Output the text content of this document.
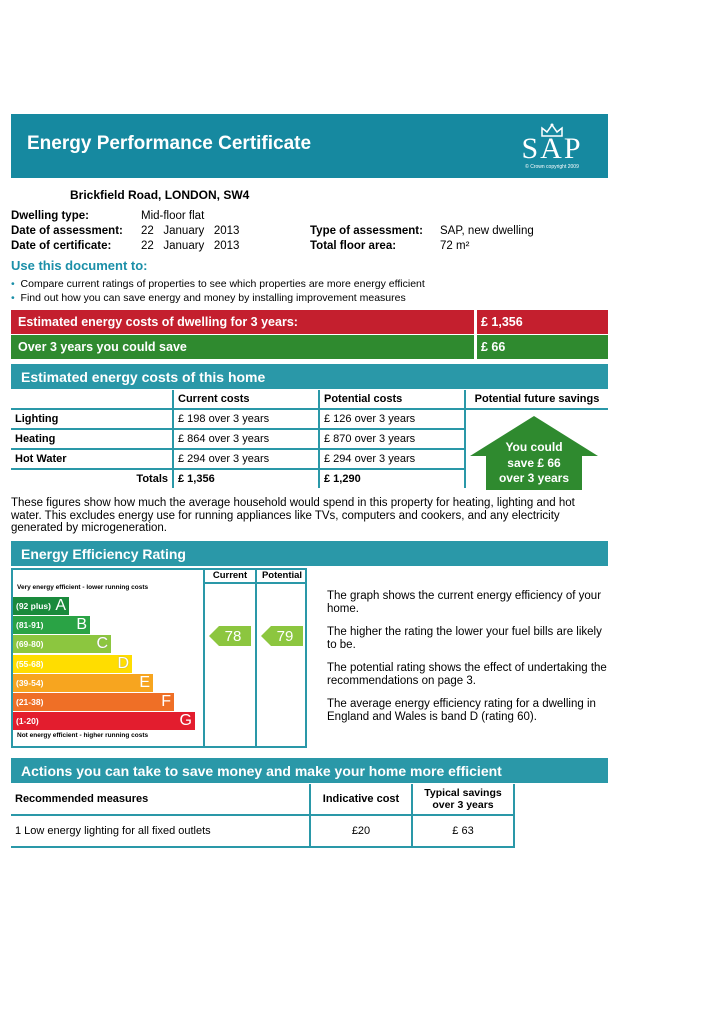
Energy Performance Certificate	SAP
© Crown copyright 2009
Brickfield Road, LONDON, SW4
Dwelling type:	Mid-floor flat
Date of assessment: 22   January   2013
Date of certificate:	22   January   2013
Type of assessment: SAP, new dwelling
Total floor area:	72 m²
Use this document to:
• Compare current ratings of properties to see which properties are more energy efficient
• Find out how you can save energy and money by installing improvement measures
Estimated energy costs of dwelling for 3 years:	£ 1,356
Over 3 years you could save	£ 66
Estimated energy costs of this home
	Current costs	Potential costs	Potential future savings
Lighting	£ 198 over 3 years	£ 126 over 3 years	
Heating	£ 864 over 3 years	£ 870 over 3 years	
Hot Water	£ 294 over 3 years	£ 294 over 3 years	
Totals	£ 1,356	£ 1,290	
You could
save £ 66
over 3 years
These figures show how much the average household would spend in this property for heating, lighting and hot water. This excludes energy use for running appliances like TVs, computers and cookers, and any electricity generated by microgeneration.
Energy Efficiency Rating
Current	Potential
Very energy efficient - lower running costs
Not energy efficient - higher running costs
(92 plus) A
(81-91) B
(69-80)	C
(55-68)	D
(39-54)	E
(21-38)	F
(1-20)	G
78 79

The graph shows the current energy efficiency of your home.

The higher the rating the lower your fuel bills are likely to be.

The potential rating shows the effect of undertaking the recommendations on page 3.

The average energy efficiency rating for a dwelling in England and Wales is band D (rating 60).

Actions you can take to save money and make your home more efficient
Recommended measures	Indicative cost	Typical savings over 3 years
1 Low energy lighting for all fixed outlets	£20	£ 63
